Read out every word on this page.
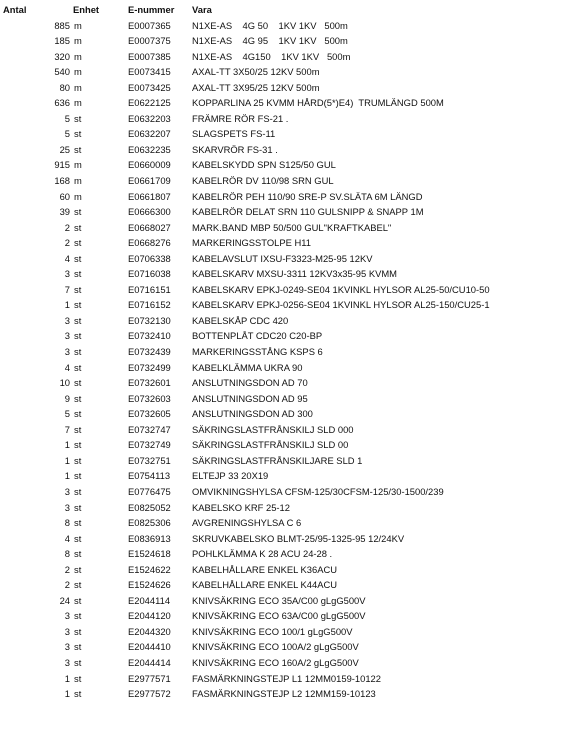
Antal	Enhet	E-nummer Vara
885 m	E0007365 N1XE-AS    4G 50    1KV 1KV   500m
185 m	E0007375 N1XE-AS    4G 95    1KV 1KV   500m
320 m	E0007385 N1XE-AS    4G150    1KV 1KV   500m
540 m	E0073415 AXAL-TT 3X50/25 12KV 500m
80 m	E0073425 AXAL-TT 3X95/25 12KV 500m
636 m	E0622125 KOPPARLINA 25 KVMM HÅRD(5*)E4)  TRUMLÄNGD 500M
5 st	E0632203 FRÄMRE RÖR FS-21 .
5 st	E0632207 SLAGSPETS FS-11
25 st	E0632235 SKARVRÖR FS-31 .
915 m	E0660009 KABELSKYDD SPN S125/50 GUL
168 m	E0661709 KABELRÖR DV 110/98 SRN GUL
60 m	E0661807 KABELRÖR PEH 110/90 SRE-P SV.SLÄTA 6M LÄNGD
39 st	E0666300 KABELRÖR DELAT SRN 110 GULSNIPP & SNAPP 1M
2 st	E0668027 MARK.BAND MBP 50/500 GUL"KRAFTKABEL"
2 st	E0668276 MARKERINGSSTOLPE H11
4 st	E0706338 KABELAVSLUT IXSU-F3323-M25-95 12KV
3 st	E0716038 KABELSKARV MXSU-3311 12KV3x35-95 KVMM
7 st	E0716151 KABELSKARV EPKJ-0249-SE04 1KVINKL HYLSOR AL25-50/CU10-50
1 st	E0716152 KABELSKARV EPKJ-0256-SE04 1KVINKL HYLSOR AL25-150/CU25-1
3 st	E0732130 KABELSKÅP CDC 420
3 st	E0732410 BOTTENPLÅT CDC20 C20-BP
3 st	E0732439 MARKERINGSSTÅNG KSPS 6
4 st	E0732499 KABELKLÄMMA UKRA 90
10 st	E0732601 ANSLUTNINGSDON AD 70
9 st	E0732603 ANSLUTNINGSDON AD 95
5 st	E0732605 ANSLUTNINGSDON AD 300
7 st	E0732747 SÄKRINGSLASTFRÅNSKILJ SLD 000
1 st	E0732749 SÄKRINGSLASTFRÅNSKILJ SLD 00
1 st	E0732751 SÄKRINGSLASTFRÅNSKILJARE SLD 1
1 st	E0754113 ELTEJP 33 20X19
3 st	E0776475 OMVIKNINGSHYLSA CFSM-125/30CFSM-125/30-1500/239
3 st	E0825052 KABELSKO KRF 25-12
8 st	E0825306 AVGRENINGSHYLSA C 6
4 st	E0836913 SKRUVKABELSKO BLMT-25/95-1325-95 12/24KV
8 st	E1524618 POHLKLÄMMA K 28 ACU 24-28 .
2 st	E1524622 KABELHÅLLARE ENKEL K36ACU
2 st	E1524626 KABELHÅLLARE ENKEL K44ACU
24 st	E2044114 KNIVSÄKRING ECO 35A/C00 gLgG500V
3 st	E2044120 KNIVSÄKRING ECO 63A/C00 gLgG500V
3 st	E2044320 KNIVSÄKRING ECO 100/1 gLgG500V
3 st	E2044410 KNIVSÄKRING ECO 100A/2 gLgG500V
3 st	E2044414 KNIVSÄKRING ECO 160A/2 gLgG500V
1 st	E2977571 FASMÄRKNINGSTEJP L1 12MM0159-10122
1 st	E2977572 FASMÄRKNINGSTEJP L2 12MM159-10123
